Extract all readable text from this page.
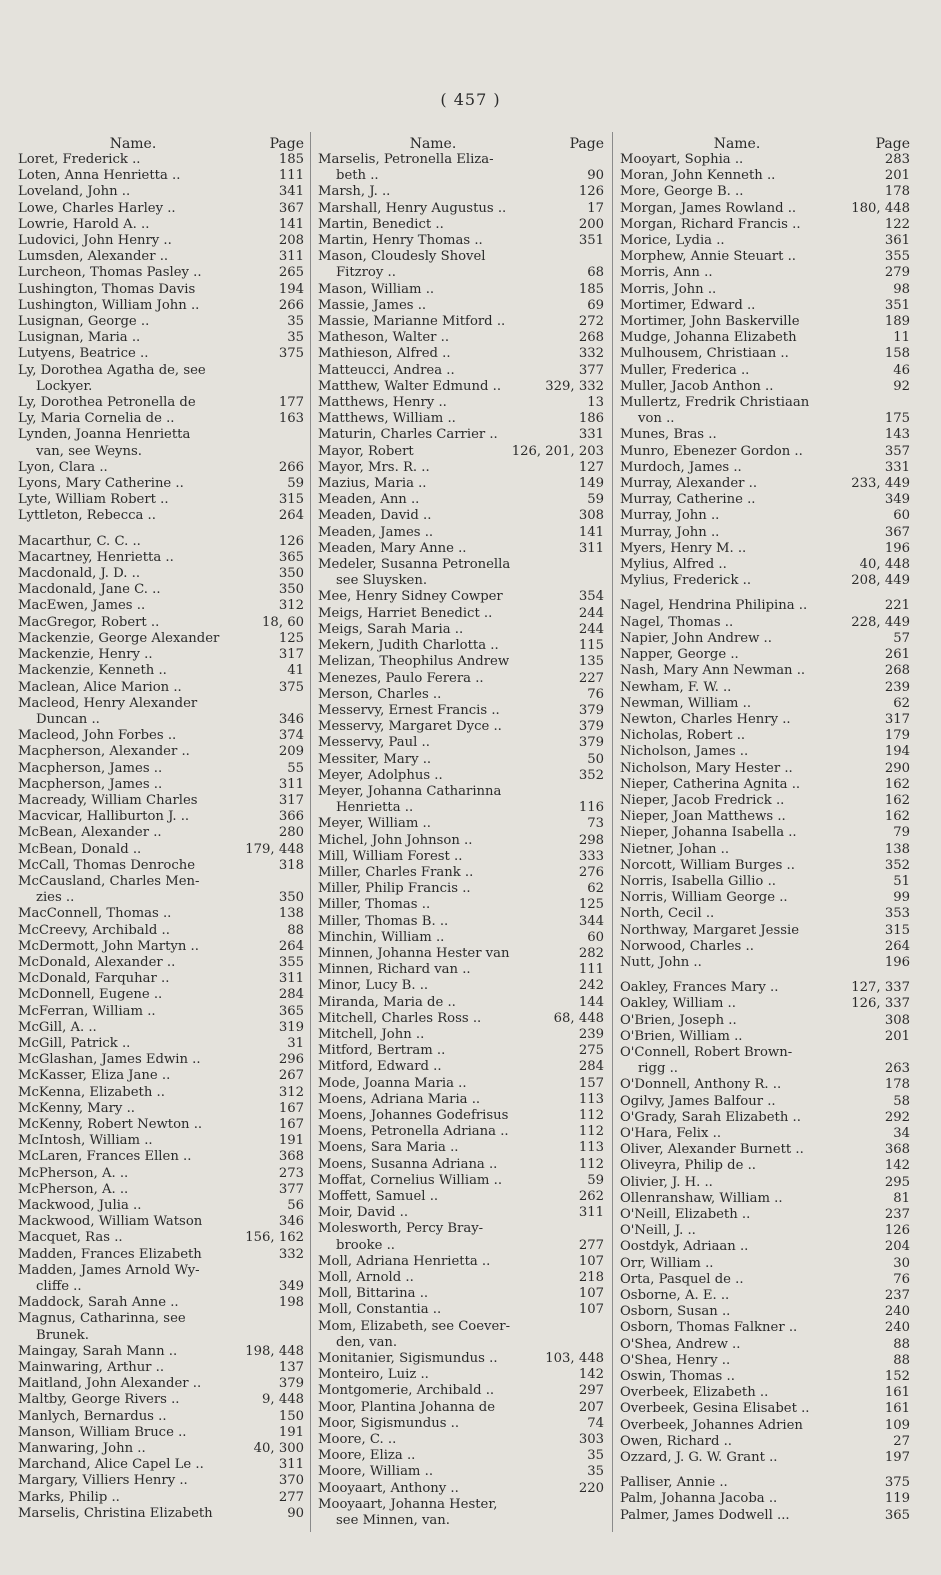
( 457 )
Name.	Page
Loret, Frederick ..	185
Loten, Anna Henrietta ..	111
Loveland, John ..	341
Lowe, Charles Harley ..	367
Lowrie, Harold A. ..	141
Ludovici, John Henry ..	208
Lumsden, Alexander ..	311
Lurcheon, Thomas Pasley ..	265
Lushington, Thomas Davis	194
Lushington, William John ..	266
Lusignan, George ..	35
Lusignan, Maria ..	35
Lutyens, Beatrice ..	375
Ly, Dorothea Agatha de, see
Lockyer.
Ly, Dorothea Petronella de	177
Ly, Maria Cornelia de ..	163
Lynden, Joanna Henrietta
van, see Weyns.
Lyon, Clara ..	266
Lyons, Mary Catherine ..	59
Lyte, William Robert ..	315
Lyttleton, Rebecca ..	264
Macarthur, C. C. ..	126
Macartney, Henrietta ..	365
Macdonald, J. D. ..	350
Macdonald, Jane C. ..	350
MacEwen, James ..	312
MacGregor, Robert ..	18, 60
Mackenzie, George Alexander	125
Mackenzie, Henry ..	317
Mackenzie, Kenneth ..	41
Maclean, Alice Marion ..	375
Macleod, Henry Alexander
Duncan ..	346
Macleod, John Forbes ..	374
Macpherson, Alexander ..	209
Macpherson, James ..	55
Macpherson, James ..	311
Macready, William Charles	317
Macvicar, Halliburton J. ..	366
McBean, Alexander ..	280
McBean, Donald ..	179, 448
McCall, Thomas Denroche	318
McCausland, Charles Men-
zies ..	350
MacConnell, Thomas ..	138
McCreevy, Archibald ..	88
McDermott, John Martyn ..	264
McDonald, Alexander ..	355
McDonald, Farquhar ..	311
McDonnell, Eugene ..	284
McFerran, William ..	365
McGill, A. ..	319
McGill, Patrick ..	31
McGlashan, James Edwin ..	296
McKasser, Eliza Jane ..	267
McKenna, Elizabeth ..	312
McKenny, Mary ..	167
McKenny, Robert Newton ..	167
McIntosh, William ..	191
McLaren, Frances Ellen ..	368
McPherson, A. ..	273
McPherson, A. ..	377
Mackwood, Julia ..	56
Mackwood, William Watson	346
Macquet, Ras ..	156, 162
Madden, Frances Elizabeth	332
Madden, James Arnold Wy-
cliffe ..	349
Maddock, Sarah Anne ..	198
Magnus, Catharinna, see
Brunek.
Maingay, Sarah Mann ..	198, 448
Mainwaring, Arthur ..	137
Maitland, John Alexander ..	379
Maltby, George Rivers ..	9, 448
Manlych, Bernardus ..	150
Manson, William Bruce ..	191
Manwaring, John ..	40, 300
Marchand, Alice Capel Le ..	311
Margary, Villiers Henry ..	370
Marks, Philip ..	277
Marselis, Christina Elizabeth	90
Name.	Page
Marselis, Petronella Eliza-
beth ..	90
Marsh, J. ..	126
Marshall, Henry Augustus ..	17
Martin, Benedict ..	200
Martin, Henry Thomas ..	351
Mason, Cloudesly Shovel
Fitzroy ..	68
Mason, William ..	185
Massie, James ..	69
Massie, Marianne Mitford ..	272
Matheson, Walter ..	268
Mathieson, Alfred ..	332
Matteucci, Andrea ..	377
Matthew, Walter Edmund ..	329, 332
Matthews, Henry ..	13
Matthews, William ..	186
Maturin, Charles Carrier ..	331
Mayor, Robert	126, 201, 203
Mayor, Mrs. R. ..	127
Mazius, Maria ..	149
Meaden, Ann ..	59
Meaden, David ..	308
Meaden, James ..	141
Meaden, Mary Anne ..	311
Medeler, Susanna Petronella
see Sluysken.
Mee, Henry Sidney Cowper	354
Meigs, Harriet Benedict ..	244
Meigs, Sarah Maria ..	244
Mekern, Judith Charlotta ..	115
Melizan, Theophilus Andrew	135
Menezes, Paulo Ferera ..	227
Merson, Charles ..	76
Messervy, Ernest Francis ..	379
Messervy, Margaret Dyce ..	379
Messervy, Paul ..	379
Messiter, Mary ..	50
Meyer, Adolphus ..	352
Meyer, Johanna Catharinna
Henrietta ..	116
Meyer, William ..	73
Michel, John Johnson ..	298
Mill, William Forest ..	333
Miller, Charles Frank ..	276
Miller, Philip Francis ..	62
Miller, Thomas ..	125
Miller, Thomas B. ..	344
Minchin, William ..	60
Minnen, Johanna Hester van	282
Minnen, Richard van ..	111
Minor, Lucy B. ..	242
Miranda, Maria de ..	144
Mitchell, Charles Ross ..	68, 448
Mitchell, John ..	239
Mitford, Bertram ..	275
Mitford, Edward ..	284
Mode, Joanna Maria ..	157
Moens, Adriana Maria ..	113
Moens, Johannes Godefrisus	112
Moens, Petronella Adriana ..	112
Moens, Sara Maria ..	113
Moens, Susanna Adriana ..	112
Moffat, Cornelius William ..	59
Moffett, Samuel ..	262
Moir, David ..	311
Molesworth, Percy Bray-
brooke ..	277
Moll, Adriana Henrietta ..	107
Moll, Arnold ..	218
Moll, Bittarina ..	107
Moll, Constantia ..	107
Mom, Elizabeth, see Coever-
den, van.
Monitanier, Sigismundus ..	103, 448
Monteiro, Luiz ..	142
Montgomerie, Archibald ..	297
Moor, Plantina Johanna de	207
Moor, Sigismundus ..	74
Moore, C. ..	303
Moore, Eliza ..	35
Moore, William ..	35
Mooyaart, Anthony ..	220
Mooyaart, Johanna Hester,
see Minnen, van.
Name.	Page
Mooyart, Sophia ..	283
Moran, John Kenneth ..	201
More, George B. ..	178
Morgan, James Rowland ..	180, 448
Morgan, Richard Francis ..	122
Morice, Lydia ..	361
Morphew, Annie Steuart ..	355
Morris, Ann ..	279
Morris, John ..	98
Mortimer, Edward ..	351
Mortimer, John Baskerville	189
Mudge, Johanna Elizabeth	11
Mulhousem, Christiaan ..	158
Muller, Frederica ..	46
Muller, Jacob Anthon ..	92
Mullertz, Fredrik Christiaan
von ..	175
Munes, Bras ..	143
Munro, Ebenezer Gordon ..	357
Murdoch, James ..	331
Murray, Alexander ..	233, 449
Murray, Catherine ..	349
Murray, John ..	60
Murray, John ..	367
Myers, Henry M. ..	196
Mylius, Alfred ..	40, 448
Mylius, Frederick ..	208, 449
Nagel, Hendrina Philipina ..	221
Nagel, Thomas ..	228, 449
Napier, John Andrew ..	57
Napper, George ..	261
Nash, Mary Ann Newman ..	268
Newham, F. W. ..	239
Newman, William ..	62
Newton, Charles Henry ..	317
Nicholas, Robert ..	179
Nicholson, James ..	194
Nicholson, Mary Hester ..	290
Nieper, Catherina Agnita ..	162
Nieper, Jacob Fredrick ..	162
Nieper, Joan Matthews ..	162
Nieper, Johanna Isabella ..	79
Nietner, Johan ..	138
Norcott, William Burges ..	352
Norris, Isabella Gillio ..	51
Norris, William George ..	99
North, Cecil ..	353
Northway, Margaret Jessie	315
Norwood, Charles ..	264
Nutt, John ..	196
Oakley, Frances Mary ..	127, 337
Oakley, William ..	126, 337
O'Brien, Joseph ..	308
O'Brien, William ..	201
O'Connell, Robert Brown-
rigg ..	263
O'Donnell, Anthony R. ..	178
Ogilvy, James Balfour ..	58
O'Grady, Sarah Elizabeth ..	292
O'Hara, Felix ..	34
Oliver, Alexander Burnett ..	368
Oliveyra, Philip de ..	142
Olivier, J. H. ..	295
Ollenranshaw, William ..	81
O'Neill, Elizabeth ..	237
O'Neill, J. ..	126
Oostdyk, Adriaan ..	204
Orr, William ..	30
Orta, Pasquel de ..	76
Osborne, A. E. ..	237
Osborn, Susan ..	240
Osborn, Thomas Falkner ..	240
O'Shea, Andrew ..	88
O'Shea, Henry ..	88
Oswin, Thomas ..	152
Overbeek, Elizabeth ..	161
Overbeek, Gesina Elisabet ..	161
Overbeek, Johannes Adrien	109
Owen, Richard ..	27
Ozzard, J. G. W. Grant ..	197
Palliser, Annie ..	375
Palm, Johanna Jacoba ..	119
Palmer, James Dodwell ...	365
